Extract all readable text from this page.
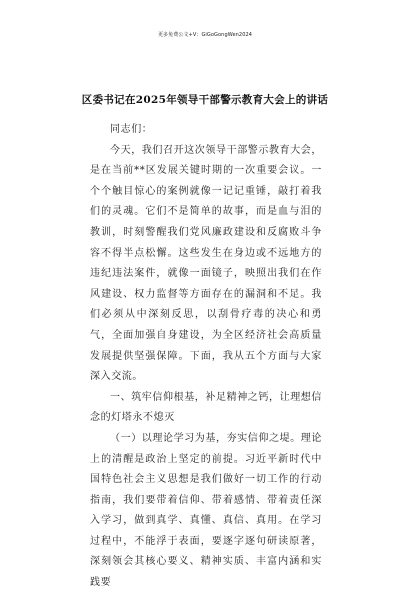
更多免费公文+V：GiGoGongWen2024
区委书记在2025年领导干部警示教育大会上的讲话

同志们：

今天，我们召开这次领导干部警示教育大会，是在当前**区发展关键时期的一次重要会议。一个个触目惊心的案例就像一记记重锤，敲打着我们的灵魂。它们不是简单的故事，而是血与泪的教训，时刻警醒我们党风廉政建设和反腐败斗争容不得半点松懈。这些发生在身边或不远地方的违纪违法案件，就像一面镜子，映照出我们在作风建设、权力监督等方面存在的漏洞和不足。我们必须从中深刻反思，以刮骨疗毒的决心和勇气，全面加强自身建设，为全区经济社会高质量发展提供坚强保障。下面，我从五个方面与大家深入交流。

一、筑牢信仰根基，补足精神之钙，让理想信念的灯塔永不熄灭

（一）以理论学习为基，夯实信仰之堤。理论上的清醒是政治上坚定的前提。习近平新时代中国特色社会主义思想是我们做好一切工作的行动指南，我们要带着信仰、带着感情、带着责任深入学习，做到真学、真懂、真信、真用。在学习过程中，不能浮于表面，要逐字逐句研读原著，深刻领会其核心要义、精神实质、丰富内涵和实践要
